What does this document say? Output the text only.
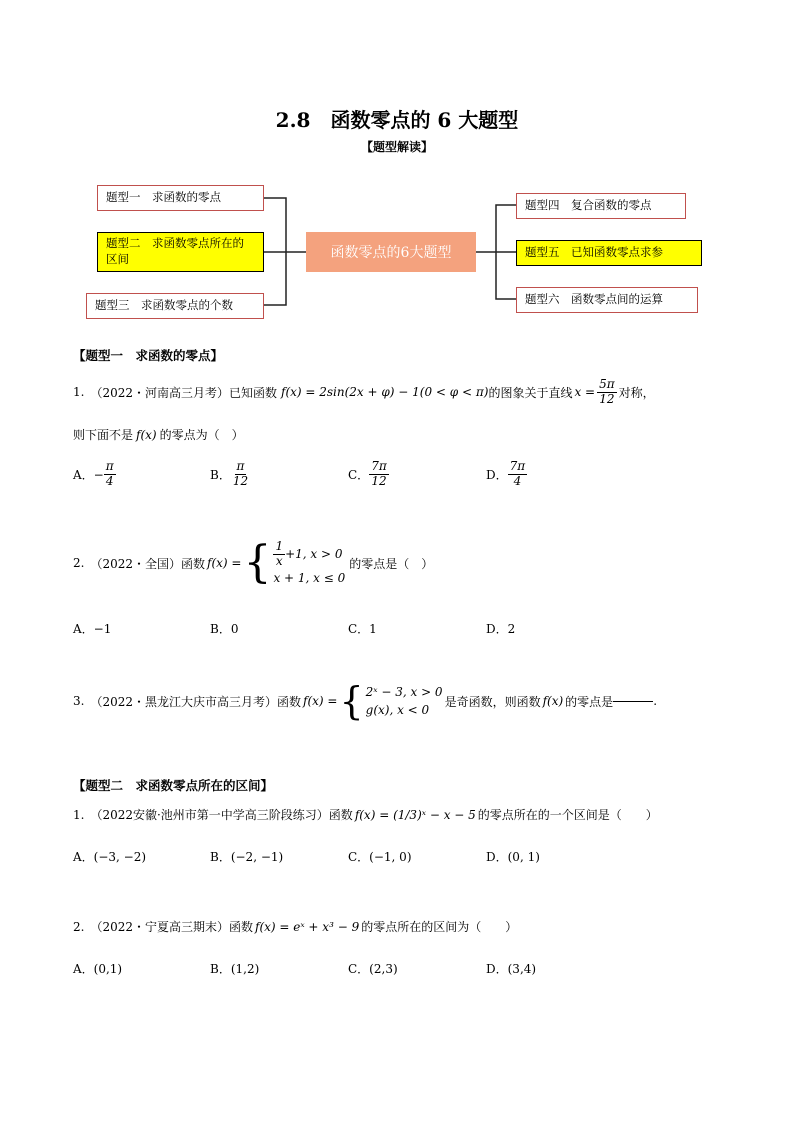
2.8　函数零点的 6 大题型
【题型解读】
题型一　求函数的零点
题型二　求函数零点所在的区间
题型三　求函数零点的个数
函数零点的6大题型
题型四　复合函数的零点
题型五　已知函数零点求参
题型六　函数零点间的运算
【题型一　求函数的零点】
1. （2022・河南高三月考）已知函数 f(x) = 2sin(2x + φ) − 1(0 < φ < π) 的图象关于直线 $x = \frac{5\pi}{12}$ 对称，
则下面不是 f(x) 的零点为（　）
A．− $\frac{\pi}{4}$	B． $\frac{\pi}{12}$	C． $\frac{7\pi}{12}$	D． $\frac{7\pi}{4}$
2. （2022・全国）函数 f(x) = { $\frac{1}{x} +1$, x > 0
x + 1, x ≤ 0
的零点是（　）
A．−1	B．0	C．1	D．2
3. （2022・黑龙江大庆市高三月考）函数 f(x) = { 2ˣ − 3, x > 0
g(x), x < 0
是奇函数，则函数 f(x) 的零点是	.
【题型二　求函数零点所在的区间】
1. （2022安徽·池州市第一中学高三阶段练习）函数 f(x) = (1/3)ˣ − x − 5 的零点所在的一个区间是（　　）
A．(−3, −2)	B．(−2, −1)	C．(−1, 0)	D．(0, 1)
2. （2022・宁夏高三期末）函数 f(x) = eˣ + x³ − 9 的零点所在的区间为（　　）
A．(0,1)	B．(1,2)	C．(2,3)	D．(3,4)
